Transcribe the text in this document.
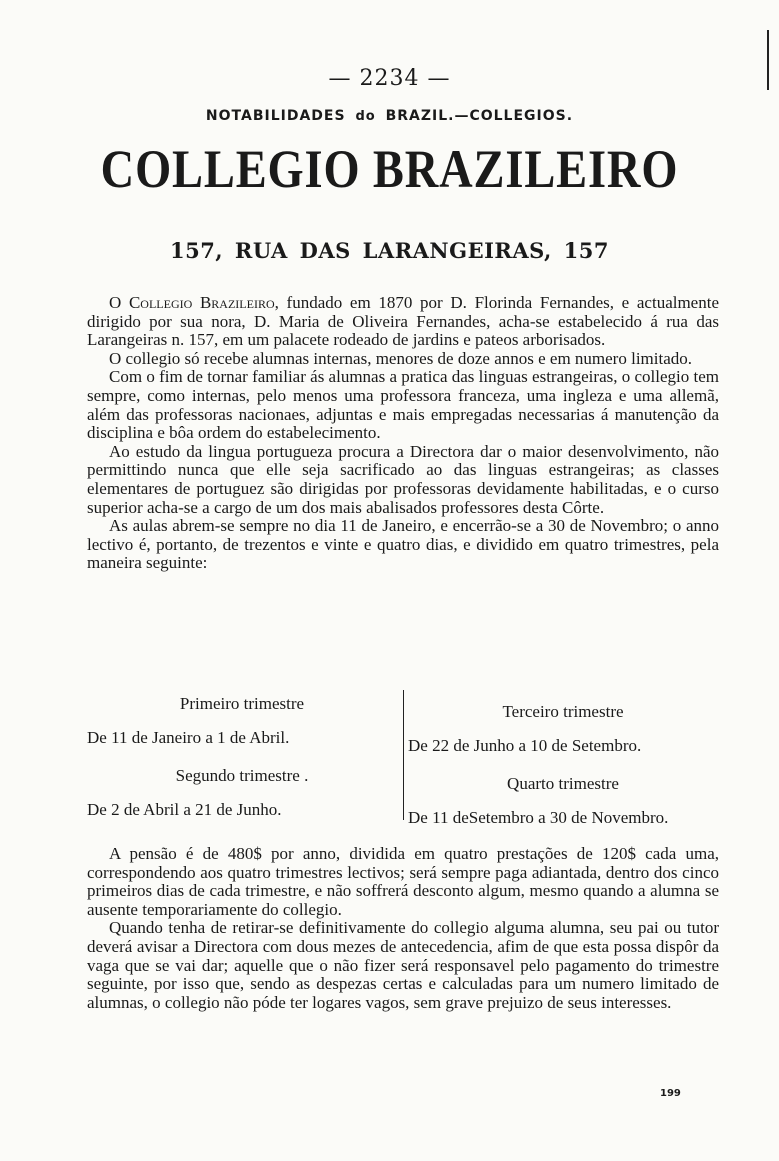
— 2234 —
NOTABILIDADES do BRAZIL.—COLLEGIOS.
COLLEGIO BRAZILEIRO
157, RUA DAS LARANGEIRAS, 157

O Collegio Brazileiro, fundado em 1870 por D. Florinda Fernandes, e actualmente dirigido por sua nora, D. Maria de Oliveira Fernandes, acha-se estabelecido á rua das Larangeiras n. 157, em um palacete rodeado de jardins e pateos arborisados.

O collegio só recebe alumnas internas, menores de doze annos e em numero limitado.

Com o fim de tornar familiar ás alumnas a pratica das linguas estrangeiras, o collegio tem sempre, como internas, pelo menos uma professora franceza, uma ingleza e uma allemã, além das professoras nacionaes, adjuntas e mais empregadas necessarias á manutenção da disciplina e bôa ordem do estabelecimento.

Ao estudo da lingua portugueza procura a Directora dar o maior desenvolvimento, não permittindo nunca que elle seja sacrificado ao das linguas estrangeiras; as classes elementares de portuguez são dirigidas por professoras devidamente habilitadas, e o curso superior acha-se a cargo de um dos mais abalisados professores desta Côrte.

As aulas abrem-se sempre no dia 11 de Janeiro, e encerrão-se a 30 de Novembro; o anno lectivo é, portanto, de trezentos e vinte e quatro dias, e dividido em quatro trimestres, pela maneira seguinte:

Primeiro trimestre
De 11 de Janeiro a 1 de Abril.
Segundo trimestre .
De 2 de Abril a 21 de Junho.
Terceiro trimestre
De 22 de Junho a 10 de Setembro.
Quarto trimestre
De 11 deSetembro a 30 de Novembro.

A pensão é de 480$ por anno, dividida em quatro prestações de 120$ cada uma, correspondendo aos quatro trimestres lectivos; será sempre paga adiantada, dentro dos cinco primeiros dias de cada trimestre, e não soffrerá desconto algum, mesmo quando a alumna se ausente temporariamente do collegio.

Quando tenha de retirar-se definitivamente do collegio alguma alumna, seu pai ou tutor deverá avisar a Directora com dous mezes de antecedencia, afim de que esta possa dispôr da vaga que se vai dar; aquelle que o não fizer será responsavel pelo pagamento do trimestre seguinte, por isso que, sendo as despezas certas e calculadas para um numero limitado de alumnas, o collegio não póde ter logares vagos, sem grave prejuizo de seus interesses.

199
